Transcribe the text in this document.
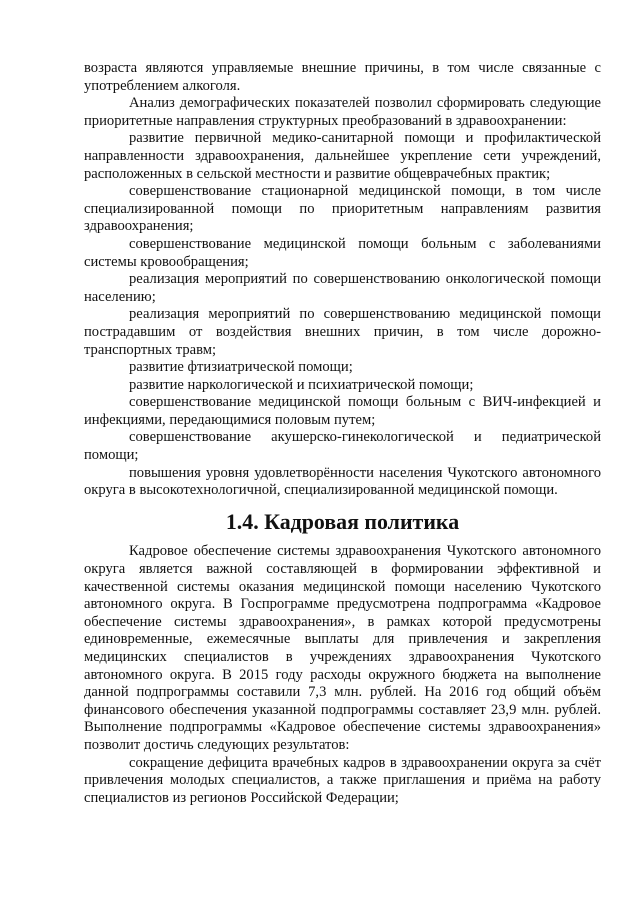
возраста являются управляемые внешние причины, в том числе связанные с употреблением алкоголя.

Анализ демографических показателей позволил сформировать следующие приоритетные направления структурных преобразований в здравоохранении:

развитие первичной медико-санитарной помощи и профилактической направленности здравоохранения, дальнейшее укрепление сети учреждений, расположенных в сельской местности и развитие общеврачебных практик;

совершенствование стационарной медицинской помощи, в том числе специализированной помощи по приоритетным направлениям развития здравоохранения;

совершенствование медицинской помощи больным с заболеваниями системы кровообращения;

реализация мероприятий по совершенствованию онкологической помощи населению;

реализация мероприятий по совершенствованию медицинской помощи пострадавшим от воздействия внешних причин, в том числе дорожно-транспортных травм;

развитие фтизиатрической помощи;

развитие наркологической и психиатрической помощи;

совершенствование медицинской помощи больным с ВИЧ-инфекцией и инфекциями, передающимися половым путем;

совершенствование акушерско-гинекологической и педиатрической помощи;

повышения уровня удовлетворённости населения Чукотского автономного округа в высокотехнологичной, специализированной медицинской помощи.

1.4. Кадровая политика

Кадровое обеспечение системы здравоохранения Чукотского автономного округа является важной составляющей в формировании эффективной и качественной системы оказания медицинской помощи населению Чукотского автономного округа. В Госпрограмме предусмотрена подпрограмма «Кадровое обеспечение системы здравоохранения», в рамках которой предусмотрены единовременные, ежемесячные выплаты для привлечения и закрепления медицинских специалистов в учреждениях здравоохранения Чукотского автономного округа. В 2015 году расходы окружного бюджета на выполнение данной подпрограммы составили 7,3 млн. рублей. На 2016 год общий объём финансового обеспечения указанной подпрограммы составляет 23,9 млн. рублей. Выполнение подпрограммы «Кадровое обеспечение системы здравоохранения» позволит достичь следующих результатов:

сокращение дефицита врачебных кадров в здравоохранении округа за счёт привлечения молодых специалистов, а также приглашения и приёма на работу специалистов из регионов Российской Федерации;
